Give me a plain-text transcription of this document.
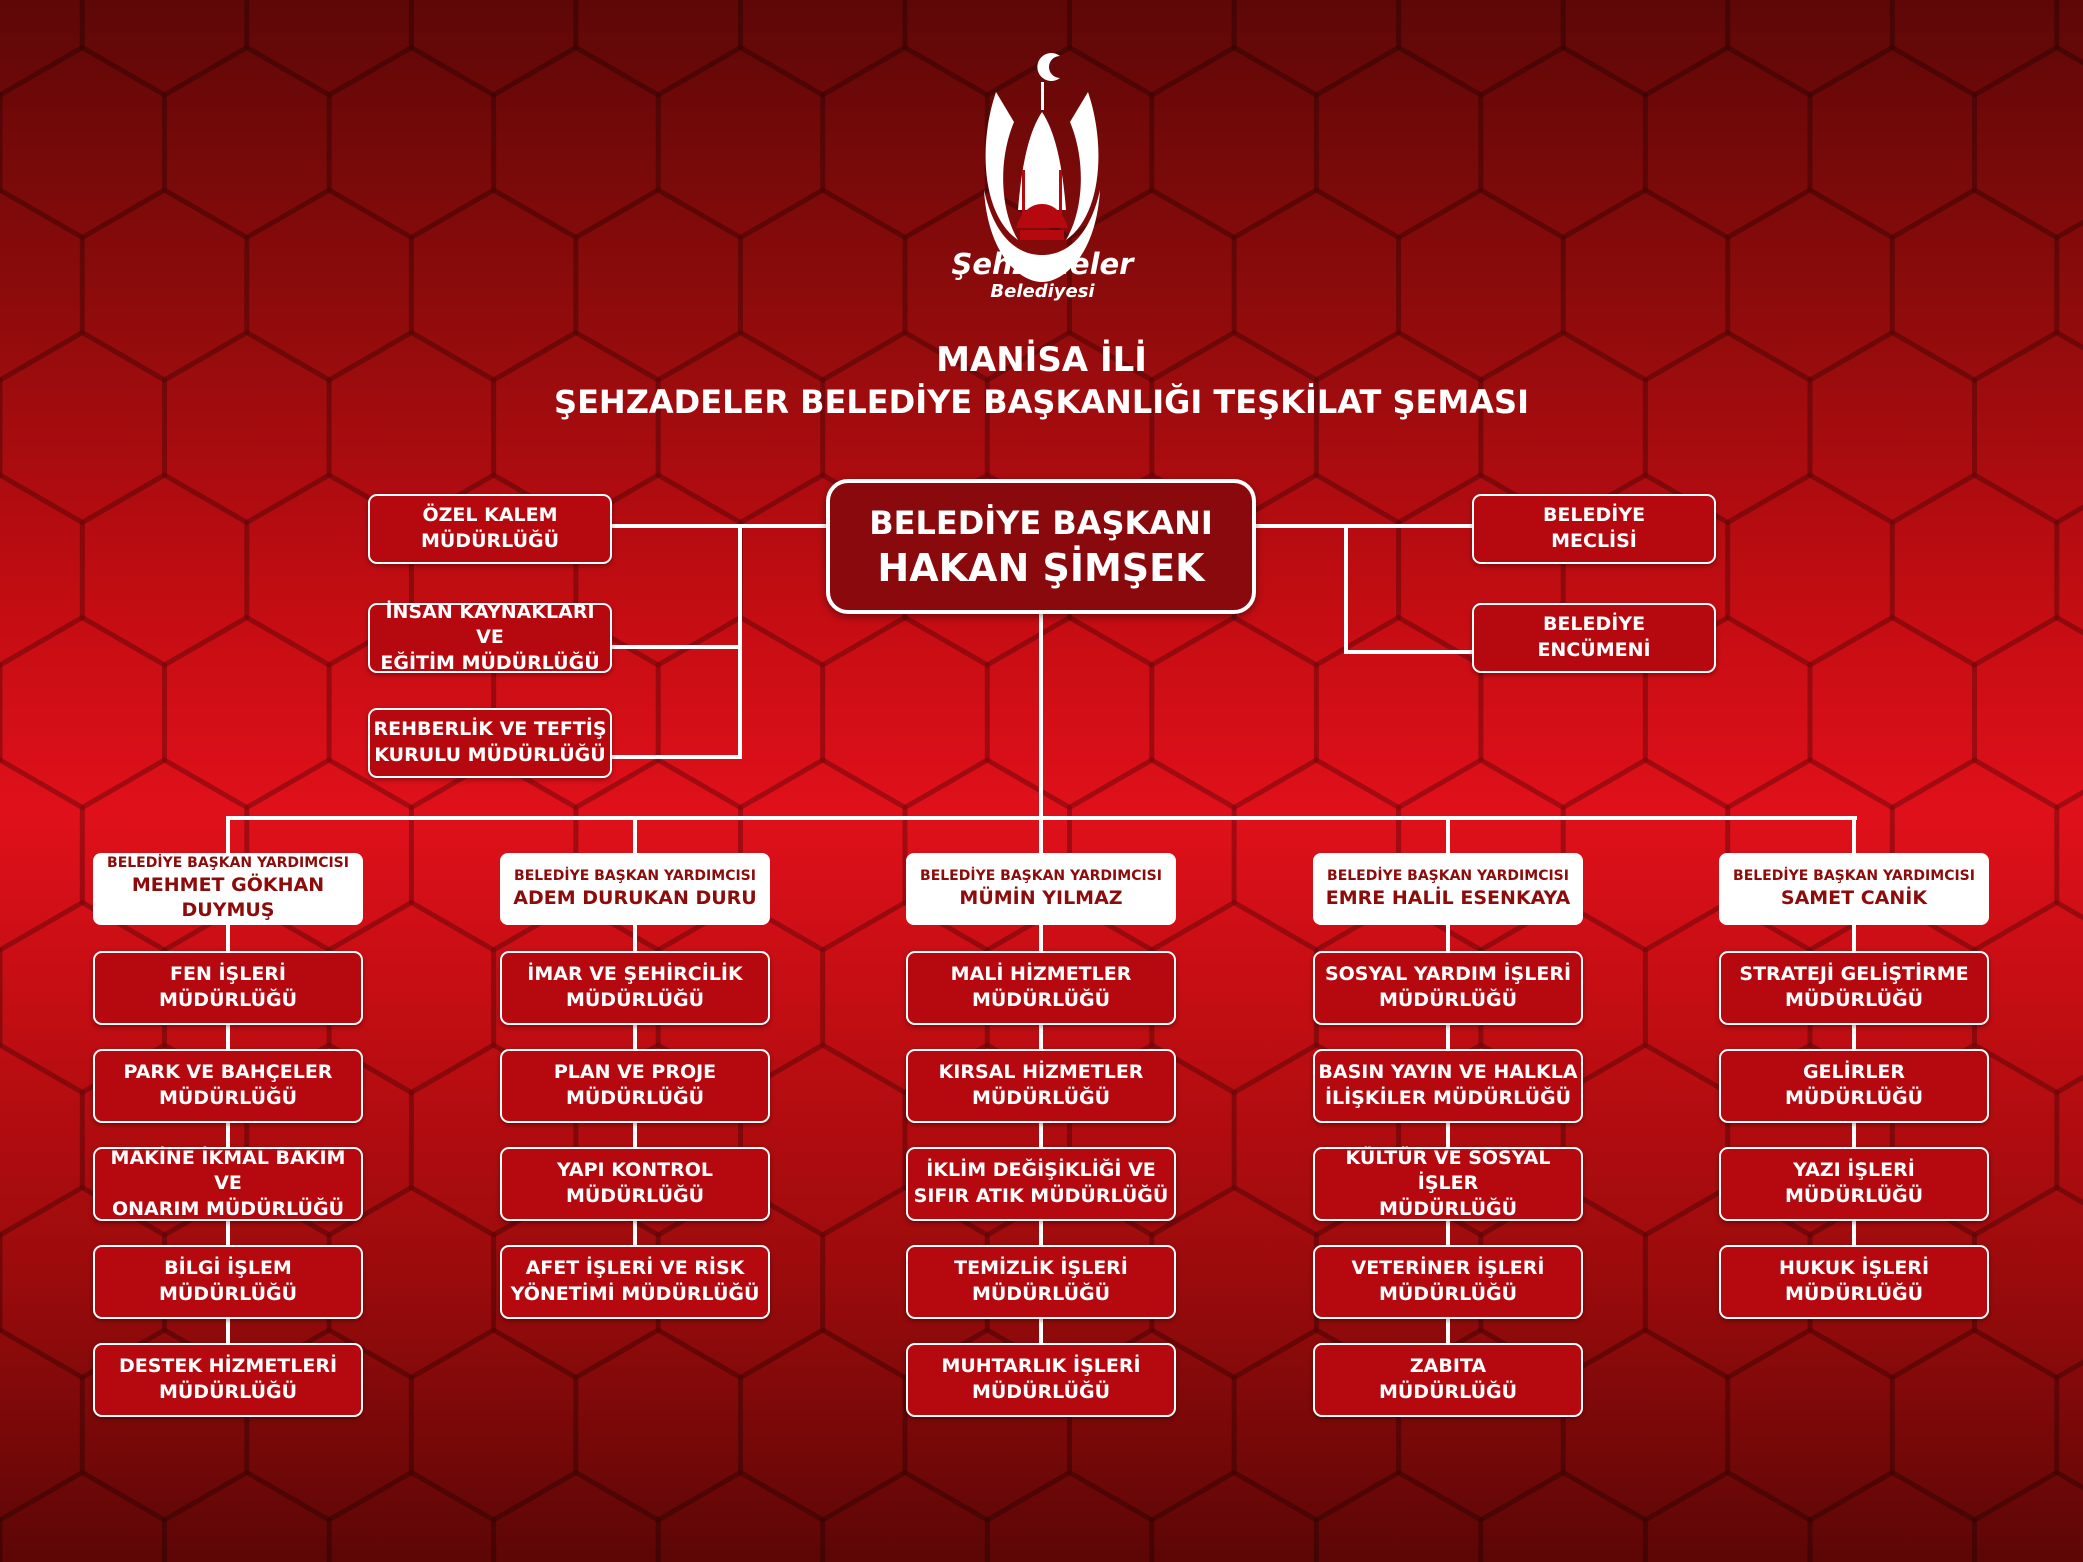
Şehzadeler
Belediyesi
MANİSA İLİ
ŞEHZADELER BELEDİYE BAŞKANLIĞI TEŞKİLAT ŞEMASI
BELEDİYE BAŞKANI
HAKAN ŞİMŞEK
ÖZEL KALEM
MÜDÜRLÜĞÜ
İNSAN KAYNAKLARI VE
EĞİTİM MÜDÜRLÜĞÜ
REHBERLİK VE TEFTİŞ
KURULU MÜDÜRLÜĞÜ
BELEDİYE
MECLİSİ
BELEDİYE
ENCÜMENİ
BELEDİYE BAŞKAN YARDIMCISI
MEHMET GÖKHAN DUYMUŞ
FEN İŞLERİ
MÜDÜRLÜĞÜ
PARK VE BAHÇELER
MÜDÜRLÜĞÜ
MAKİNE İKMAL BAKIM VE
ONARIM MÜDÜRLÜĞÜ
BİLGİ İŞLEM
MÜDÜRLÜĞÜ
DESTEK HİZMETLERİ
MÜDÜRLÜĞÜ
BELEDİYE BAŞKAN YARDIMCISI
ADEM DURUKAN DURU
İMAR VE ŞEHİRCİLİK
MÜDÜRLÜĞÜ
PLAN VE PROJE
MÜDÜRLÜĞÜ
YAPI KONTROL
MÜDÜRLÜĞÜ
AFET İŞLERİ VE RİSK
YÖNETİMİ MÜDÜRLÜĞÜ
BELEDİYE BAŞKAN YARDIMCISI
MÜMİN YILMAZ
MALİ HİZMETLER
MÜDÜRLÜĞÜ
KIRSAL HİZMETLER
MÜDÜRLÜĞÜ
İKLİM DEĞİŞİKLİĞİ VE
SIFIR ATIK MÜDÜRLÜĞÜ
TEMİZLİK İŞLERİ
MÜDÜRLÜĞÜ
MUHTARLIK İŞLERİ
MÜDÜRLÜĞÜ
BELEDİYE BAŞKAN YARDIMCISI
EMRE HALİL ESENKAYA
SOSYAL YARDIM İŞLERİ
MÜDÜRLÜĞÜ
BASIN YAYIN VE HALKLA
İLİŞKİLER MÜDÜRLÜĞÜ
KÜLTÜR VE SOSYAL İŞLER
MÜDÜRLÜĞÜ
VETERİNER İŞLERİ
MÜDÜRLÜĞÜ
ZABITA
MÜDÜRLÜĞÜ
BELEDİYE BAŞKAN YARDIMCISI
SAMET CANİK
STRATEJİ GELİŞTİRME
MÜDÜRLÜĞÜ
GELİRLER
MÜDÜRLÜĞÜ
YAZI İŞLERİ
MÜDÜRLÜĞÜ
HUKUK İŞLERİ
MÜDÜRLÜĞÜ
